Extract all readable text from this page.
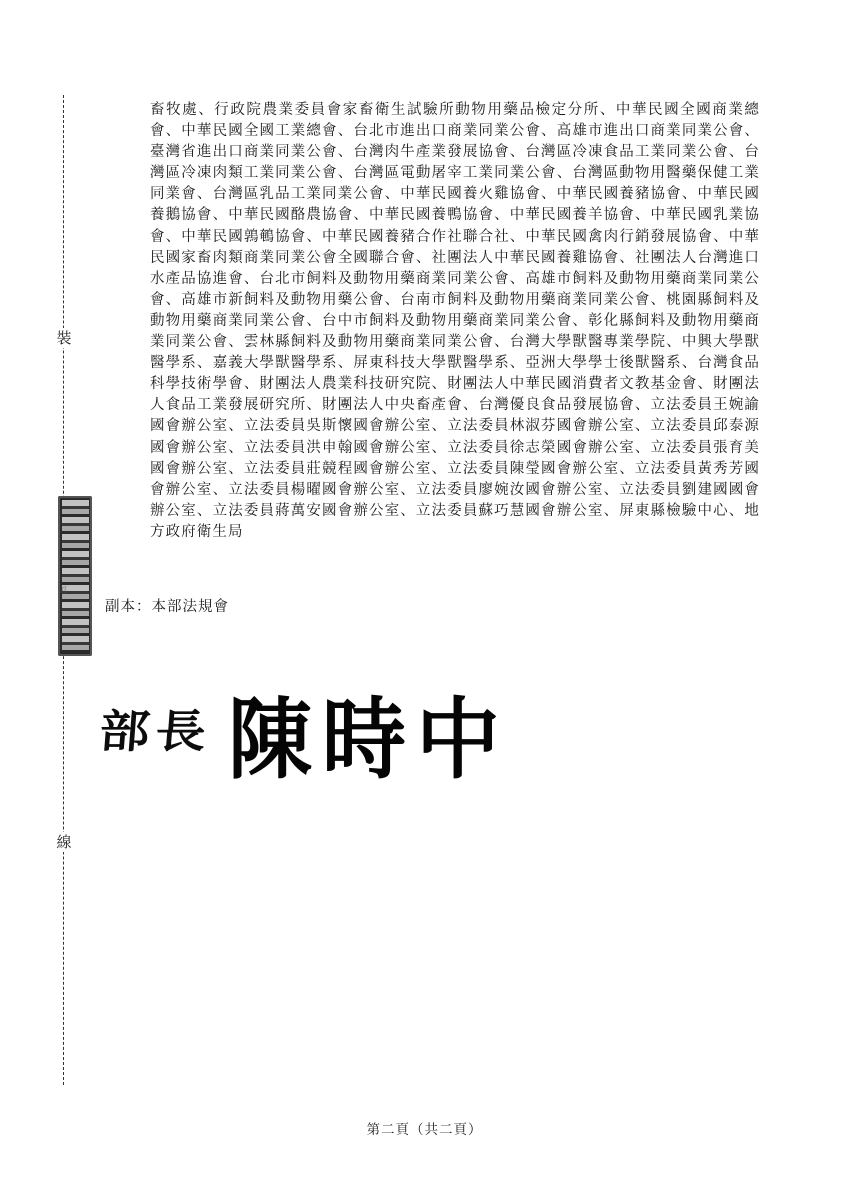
裝
線
訂

畜牧處、行政院農業委員會家畜衛生試驗所動物用藥品檢定分所、中華民國全國商業總會、中華民國全國工業總會、台北市進出口商業同業公會、高雄市進出口商業同業公會、臺灣省進出口商業同業公會、台灣肉牛產業發展協會、台灣區冷凍食品工業同業公會、台灣區冷凍肉類工業同業公會、台灣區電動屠宰工業同業公會、台灣區動物用醫藥保健工業同業會、台灣區乳品工業同業公會、中華民國養火雞協會、中華民國養豬協會、中華民國養鵝協會、中華民國酪農協會、中華民國養鴨協會、中華民國養羊協會、中華民國乳業協會、中華民國鶉鵪協會、中華民國養豬合作社聯合社、中華民國禽肉行銷發展協會、中華民國家畜肉類商業同業公會全國聯合會、社團法人中華民國養雞協會、社團法人台灣進口水產品協進會、台北市飼料及動物用藥商業同業公會、高雄市飼料及動物用藥商業同業公會、高雄市新飼料及動物用藥公會、台南市飼料及動物用藥商業同業公會、桃園縣飼料及動物用藥商業同業公會、台中市飼料及動物用藥商業同業公會、彰化縣飼料及動物用藥商業同業公會、雲林縣飼料及動物用藥商業同業公會、台灣大學獸醫專業學院、中興大學獸醫學系、嘉義大學獸醫學系、屏東科技大學獸醫學系、亞洲大學學士後獸醫系、台灣食品科學技術學會、財團法人農業科技研究院、財團法人中華民國消費者文教基金會、財團法人食品工業發展研究所、財團法人中央畜產會、台灣優良食品發展協會、立法委員王婉諭國會辦公室、立法委員吳斯懷國會辦公室、立法委員林淑芬國會辦公室、立法委員邱泰源國會辦公室、立法委員洪申翰國會辦公室、立法委員徐志榮國會辦公室、立法委員張育美國會辦公室、立法委員莊競程國會辦公室、立法委員陳瑩國會辦公室、立法委員黃秀芳國會辦公室、立法委員楊曜國會辦公室、立法委員廖婉汝國會辦公室、立法委員劉建國國會辦公室、立法委員蔣萬安國會辦公室、立法委員蘇巧慧國會辦公室、屏東縣檢驗中心、地方政府衛生局

副本：本部法規會
部長 陳時中
第二頁（共二頁）
